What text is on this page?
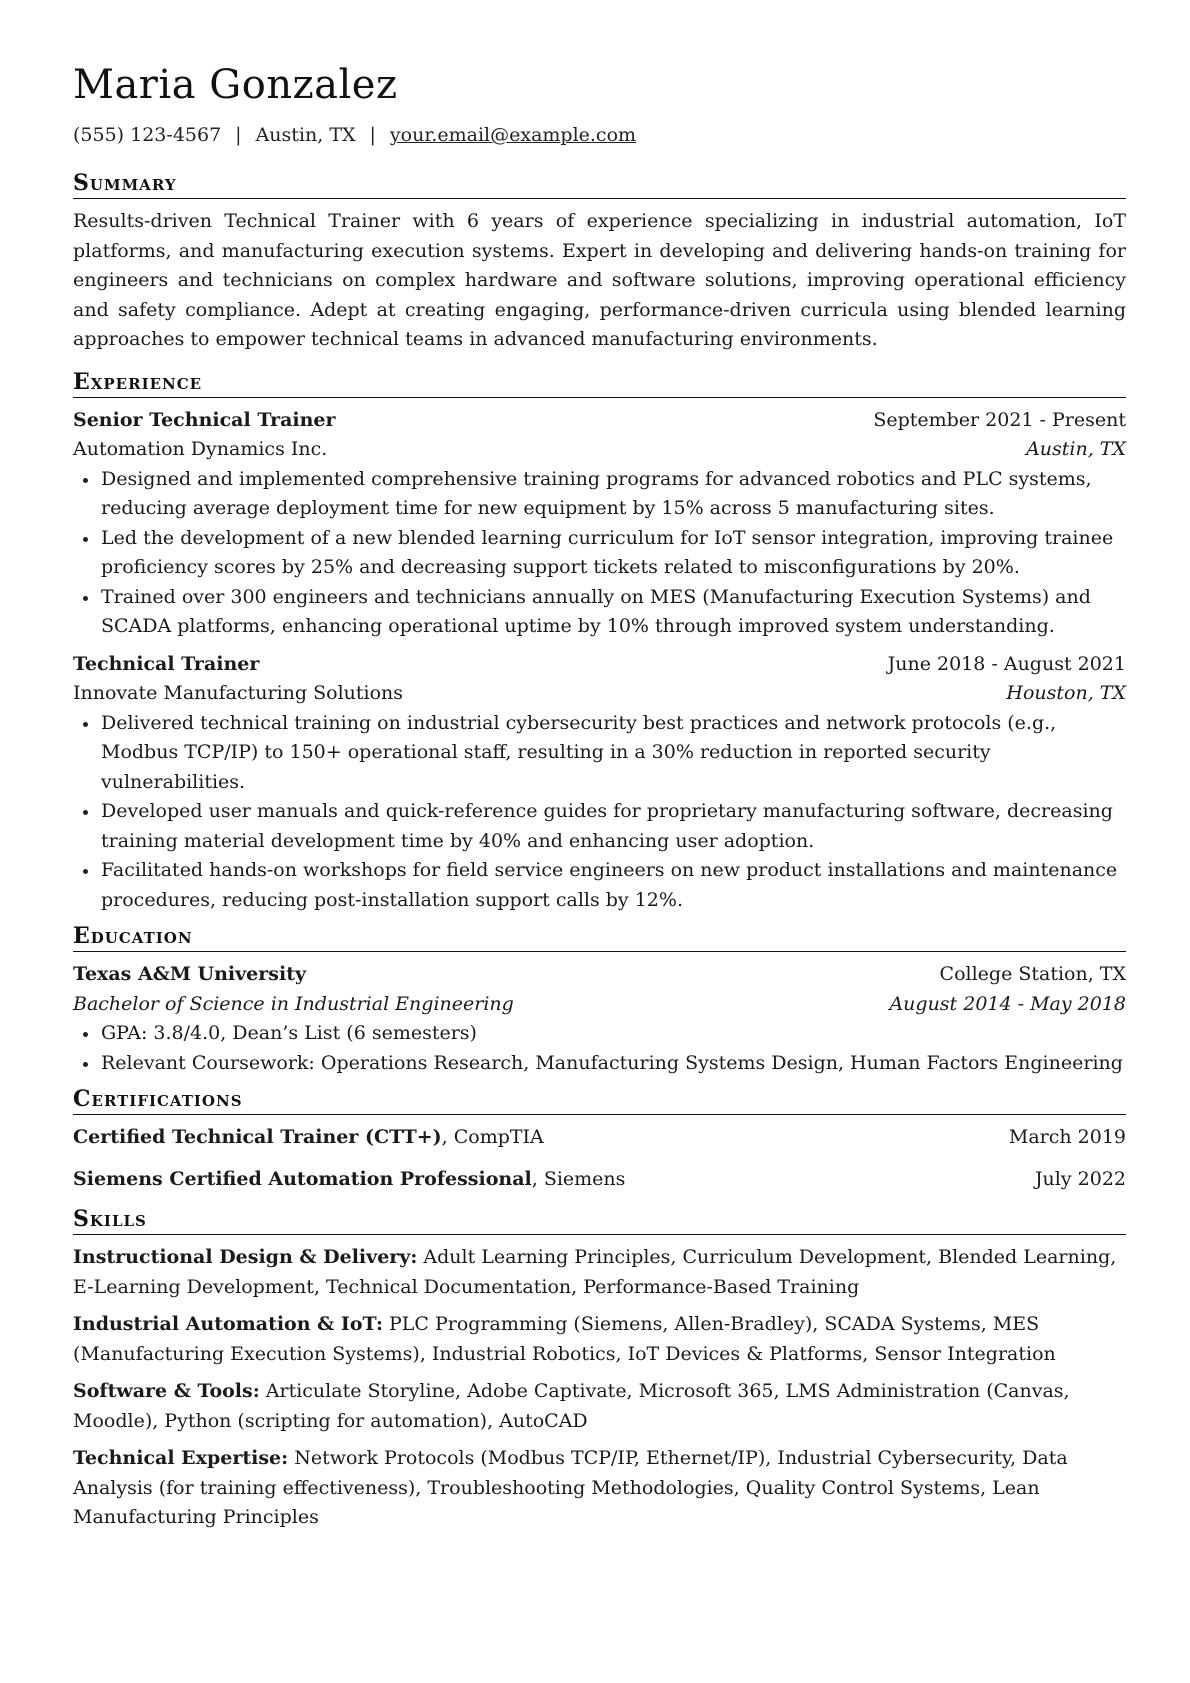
Maria Gonzalez
(555) 123-4567 | Austin, TX | your.email@example.com
Summary

Results-driven Technical Trainer with 6 years of experience specializing in industrial automation, IoT platforms, and manufacturing execution systems. Expert in developing and delivering hands-on training for engineers and technicians on complex hardware and software solutions, improving operational efficiency and safety compliance. Adept at creating engaging, performance-driven curricula using blended learning approaches to empower technical teams in advanced manufacturing environments.

Experience
Senior Technical Trainer	September 2021 - Present
Automation Dynamics Inc.	Austin, TX
Designed and implemented comprehensive training programs for advanced robotics and PLC systems, reducing average deployment time for new equipment by 15% across 5 manufacturing sites.
Led the development of a new blended learning curriculum for IoT sensor integration, improving trainee proficiency scores by 25% and decreasing support tickets related to misconfigurations by 20%.
Trained over 300 engineers and technicians annually on MES (Manufacturing Execution Systems) and SCADA platforms, enhancing operational uptime by 10% through improved system understanding.
Technical Trainer	June 2018 - August 2021
Innovate Manufacturing Solutions	Houston, TX
Delivered technical training on industrial cybersecurity best practices and network protocols (e.g., Modbus TCP/IP) to 150+ operational staff, resulting in a 30% reduction in reported security vulnerabilities.
Developed user manuals and quick-reference guides for proprietary manufacturing software, decreasing training material development time by 40% and enhancing user adoption.
Facilitated hands-on workshops for field service engineers on new product installations and maintenance procedures, reducing post-installation support calls by 12%.
Education
Texas A&M University	College Station, TX
Bachelor of Science in Industrial Engineering	August 2014 - May 2018
GPA: 3.8/4.0, Dean’s List (6 semesters)
Relevant Coursework: Operations Research, Manufacturing Systems Design, Human Factors Engineering
Certifications
Certified Technical Trainer (CTT+), CompTIA	March 2019
Siemens Certified Automation Professional, Siemens	July 2022
Skills

Instructional Design & Delivery: Adult Learning Principles, Curriculum Development, Blended Learning, E-Learning Development, Technical Documentation, Performance-Based Training

Industrial Automation & IoT: PLC Programming (Siemens, Allen-Bradley), SCADA Systems, MES (Manufacturing Execution Systems), Industrial Robotics, IoT Devices & Platforms, Sensor Integration

Software & Tools: Articulate Storyline, Adobe Captivate, Microsoft 365, LMS Administration (Canvas, Moodle), Python (scripting for automation), AutoCAD

Technical Expertise: Network Protocols (Modbus TCP/IP, Ethernet/IP), Industrial Cybersecurity, Data Analysis (for training effectiveness), Troubleshooting Methodologies, Quality Control Systems, Lean Manufacturing Principles
